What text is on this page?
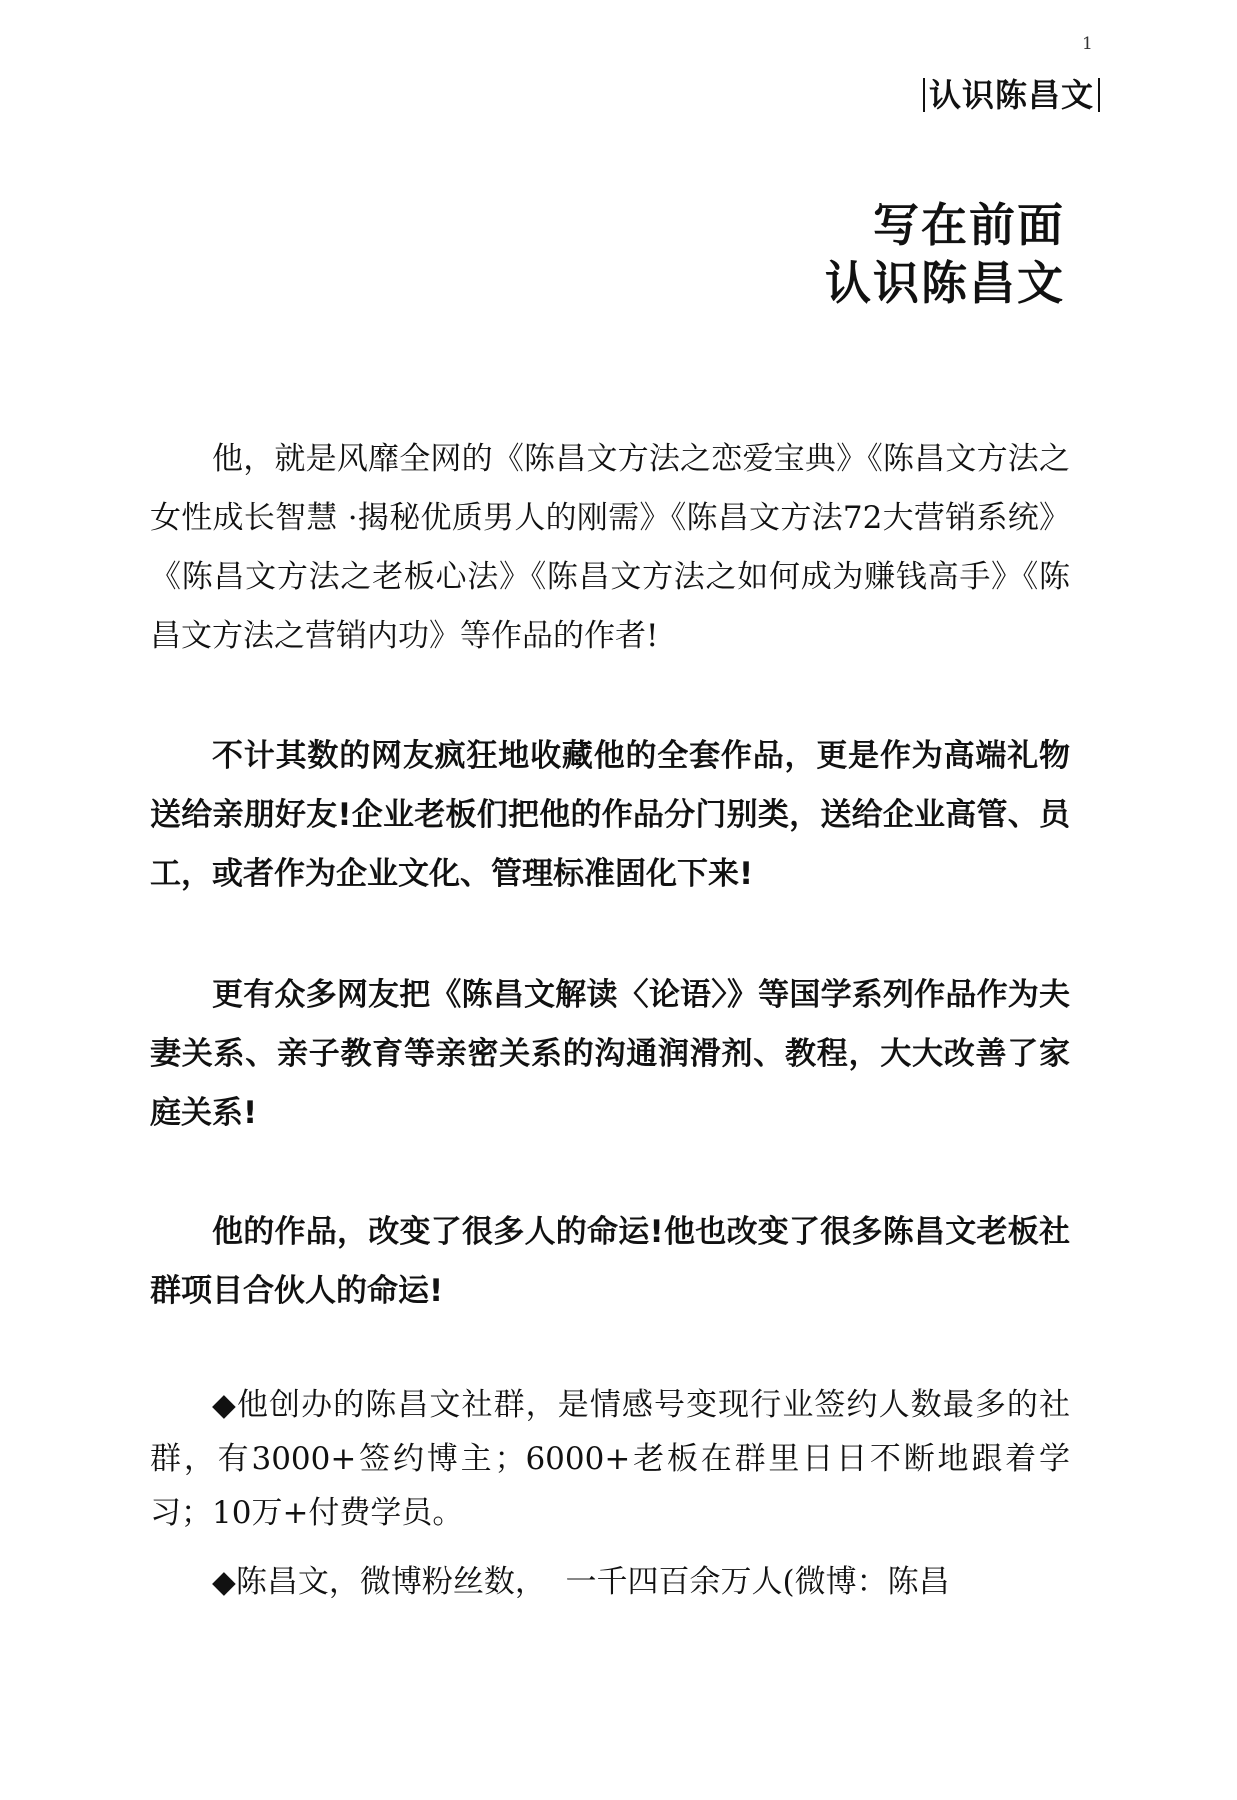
1
认识陈昌文
写在前面
认识陈昌文

他，就是风靡全网的《陈昌文方法之恋爱宝典》《陈昌文方法之女性成长智慧 ·揭秘优质男人的刚需》《陈昌文方法72大营销系统》《陈昌文方法之老板心法》《陈昌文方法之如何成为赚钱高手》《陈昌文方法之营销内功》等作品的作者!

不计其数的网友疯狂地收藏他的全套作品，更是作为高端礼物送给亲朋好友!企业老板们把他的作品分门别类，送给企业高管、员工，或者作为企业文化、管理标准固化下来!

更有众多网友把《陈昌文解读〈论语〉》等国学系列作品作为夫妻关系、亲子教育等亲密关系的沟通润滑剂、教程，大大改善了家庭关系!

他的作品，改变了很多人的命运!他也改变了很多陈昌文老板社群项目合伙人的命运!

◆他创办的陈昌文社群，是情感号变现行业签约人数最多的社群，有3000+签约博主；6000+老板在群里日日不断地跟着学习；10万+付费学员。

◆陈昌文，微博粉丝数，  一千四百余万人(微博：陈昌
